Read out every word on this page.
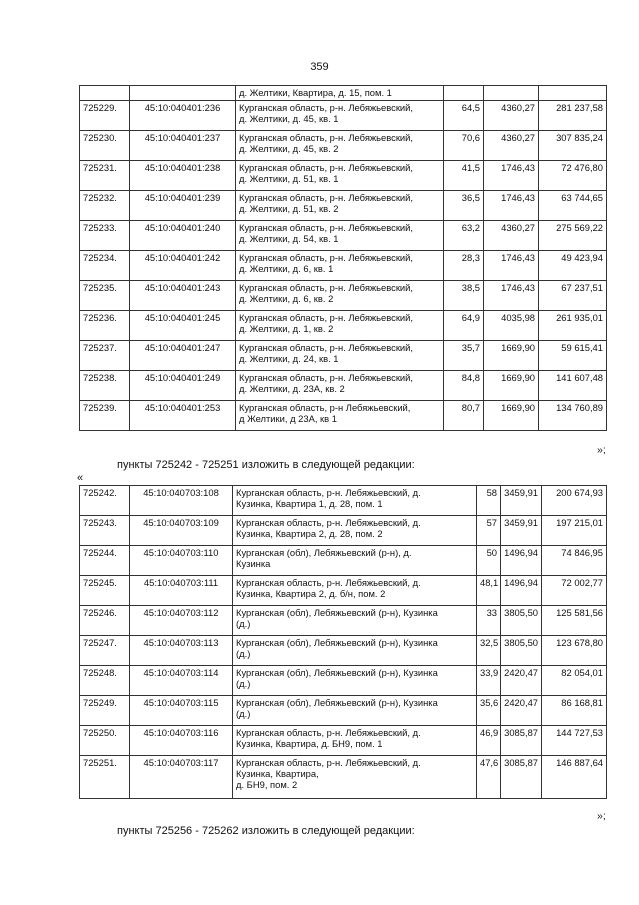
359
		д. Желтики, Квартира, д. 15, пом. 1			
725229.	45:10:040401:236	Курганская область, р-н. Лебяжьевский,
д. Желтики, д. 45, кв. 1	64,5	4360,27	281 237,58
725230.	45:10:040401:237	Курганская область, р-н. Лебяжьевский,
д. Желтики, д. 45, кв. 2	70,6	4360,27	307 835,24
725231.	45:10:040401:238	Курганская область, р-н. Лебяжьевский,
д. Желтики, д. 51, кв. 1	41,5	1746,43	72 476,80
725232.	45:10:040401:239	Курганская область, р-н. Лебяжьевский,
д. Желтики, д. 51, кв. 2	36,5	1746,43	63 744,65
725233.	45:10:040401:240	Курганская область, р-н. Лебяжьевский,
д. Желтики, д. 54, кв. 1	63,2	4360,27	275 569,22
725234.	45:10:040401:242	Курганская область, р-н. Лебяжьевский,
д. Желтики, д. 6, кв. 1	28,3	1746,43	49 423,94
725235.	45:10:040401:243	Курганская область, р-н. Лебяжьевский,
д. Желтики, д. 6, кв. 2	38,5	1746,43	67 237,51
725236.	45:10:040401:245	Курганская область, р-н. Лебяжьевский,
д. Желтики, д. 1, кв. 2	64,9	4035,98	261 935,01
725237.	45:10:040401:247	Курганская область, р-н. Лебяжьевский,
д. Желтики, д. 24, кв. 1	35,7	1669,90	59 615,41
725238.	45:10:040401:249	Курганская область, р-н. Лебяжьевский,
д. Желтики, д. 23А, кв. 2	84,8	1669,90	141 607,48
725239.	45:10:040401:253	Курганская область, р-н Лебяжьевский,
д Желтики, д 23А, кв 1	80,7	1669,90	134 760,89
»;
пункты 725242 - 725251 изложить в следующей редакции:
«
725242.	45:10:040703:108	Курганская область, р-н. Лебяжьевский, д.
Кузинка, Квартира 1, д. 28, пом. 1	58	3459,91	200 674,93
725243.	45:10:040703:109	Курганская область, р-н. Лебяжьевский, д.
Кузинка, Квартира 2, д. 28, пом. 2	57	3459,91	197 215,01
725244.	45:10:040703:110	Курганская (обл), Лебяжьевский (р-н), д.
Кузинка	50	1496,94	74 846,95
725245.	45:10:040703:111	Курганская область, р-н. Лебяжьевский, д.
Кузинка, Квартира 2, д. б/н, пом. 2	48,1	1496,94	72 002,77
725246.	45:10:040703:112	Курганская (обл), Лебяжьевский (р-н), Кузинка
(д.)	33	3805,50	125 581,56
725247.	45:10:040703:113	Курганская (обл), Лебяжьевский (р-н), Кузинка
(д.)	32,5	3805,50	123 678,80
725248.	45:10:040703:114	Курганская (обл), Лебяжьевский (р-н), Кузинка
(д.)	33,9	2420,47	82 054,01
725249.	45:10:040703:115	Курганская (обл), Лебяжьевский (р-н), Кузинка
(д.)	35,6	2420,47	86 168,81
725250.	45:10:040703:116	Курганская область, р-н. Лебяжьевский, д.
Кузинка, Квартира, д. БН9, пом. 1	46,9	3085,87	144 727,53
725251.	45:10:040703:117	Курганская область, р-н. Лебяжьевский, д.
Кузинка, Квартира,
д. БН9, пом. 2	47,6	3085,87	146 887,64
»;
пункты 725256 - 725262 изложить в следующей редакции:
